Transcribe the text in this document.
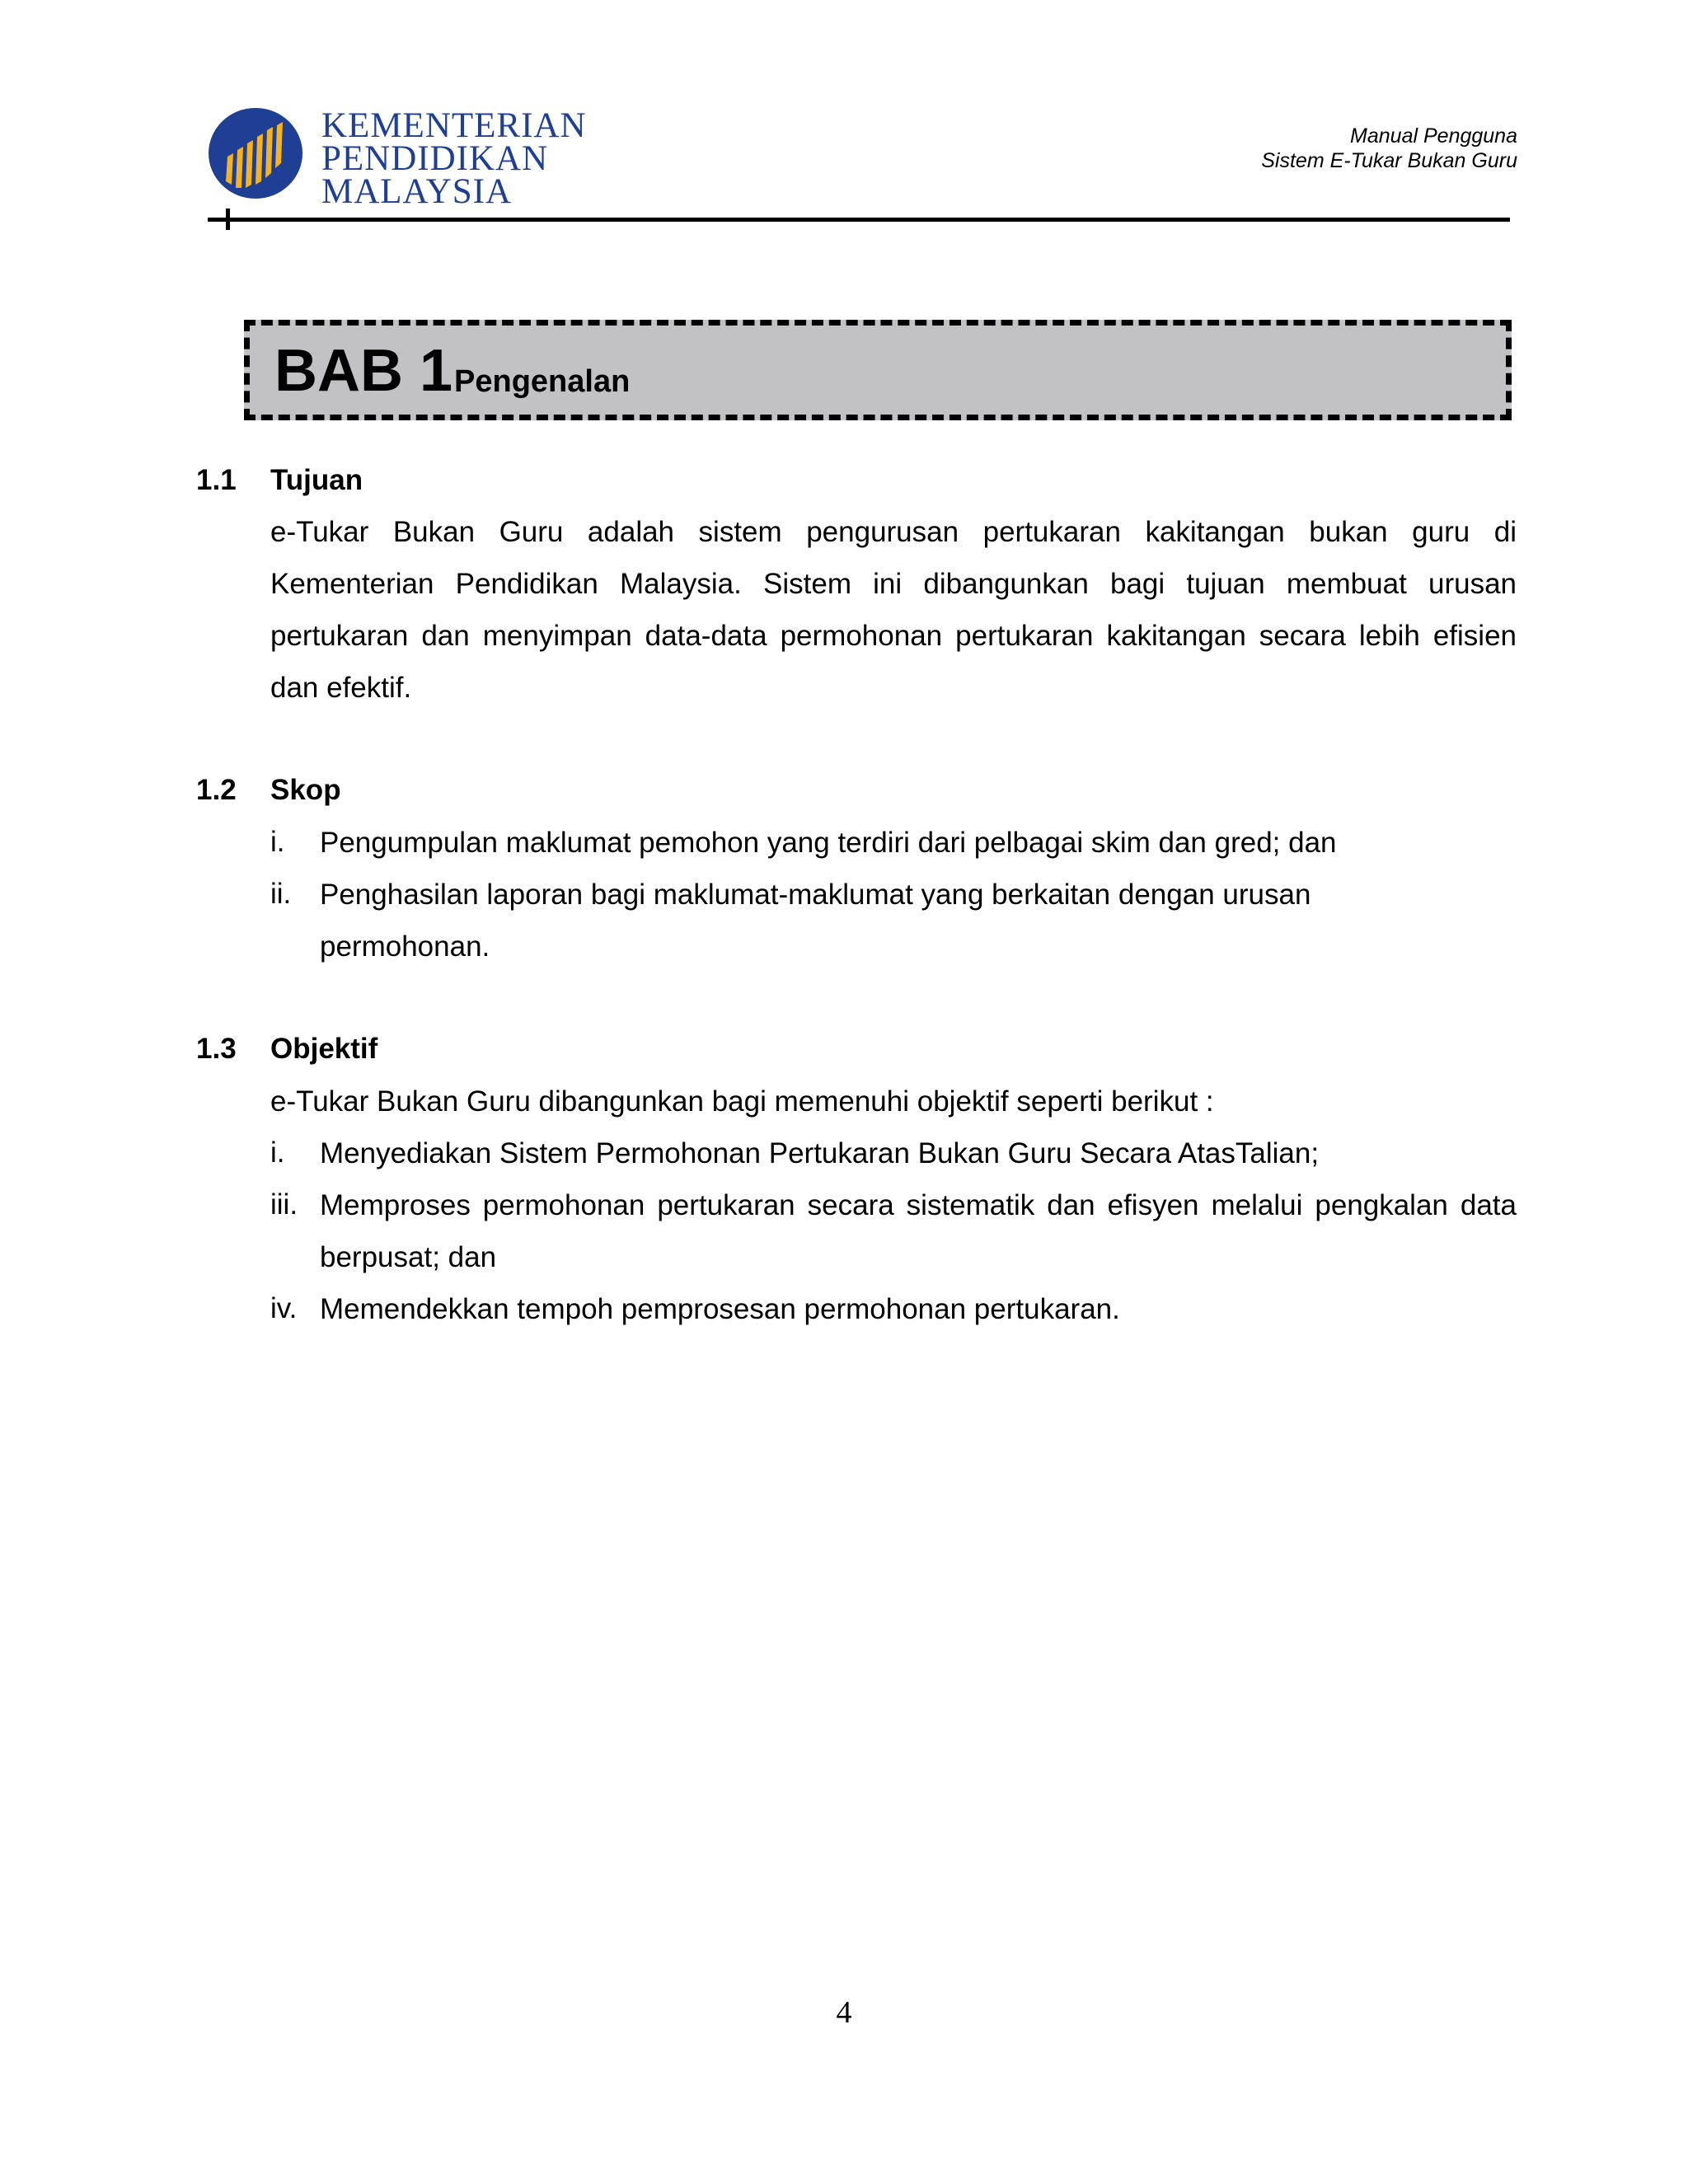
KEMENTERIAN
PENDIDIKAN
MALAYSIA
Manual Pengguna
Sistem E-Tukar Bukan Guru
BAB 1 Pengenalan
1.1 Tujuan
e-Tukar Bukan Guru adalah sistem pengurusan pertukaran kakitangan bukan guru di Kementerian Pendidikan Malaysia. Sistem ini dibangunkan bagi tujuan membuat urusan pertukaran dan menyimpan data-data permohonan pertukaran kakitangan secara lebih efisien dan efektif.
1.2 Skop
i. Pengumpulan maklumat pemohon yang terdiri dari pelbagai skim dan gred; dan
ii. Penghasilan laporan bagi maklumat-maklumat yang berkaitan dengan urusan permohonan.
1.3 Objektif
e-Tukar Bukan Guru dibangunkan bagi memenuhi objektif seperti berikut :
i. Menyediakan Sistem Permohonan Pertukaran Bukan Guru Secara AtasTalian;
iii. Memproses permohonan pertukaran secara sistematik dan efisyen melalui pengkalan data berpusat; dan
iv. Memendekkan tempoh pemprosesan permohonan pertukaran.
4
